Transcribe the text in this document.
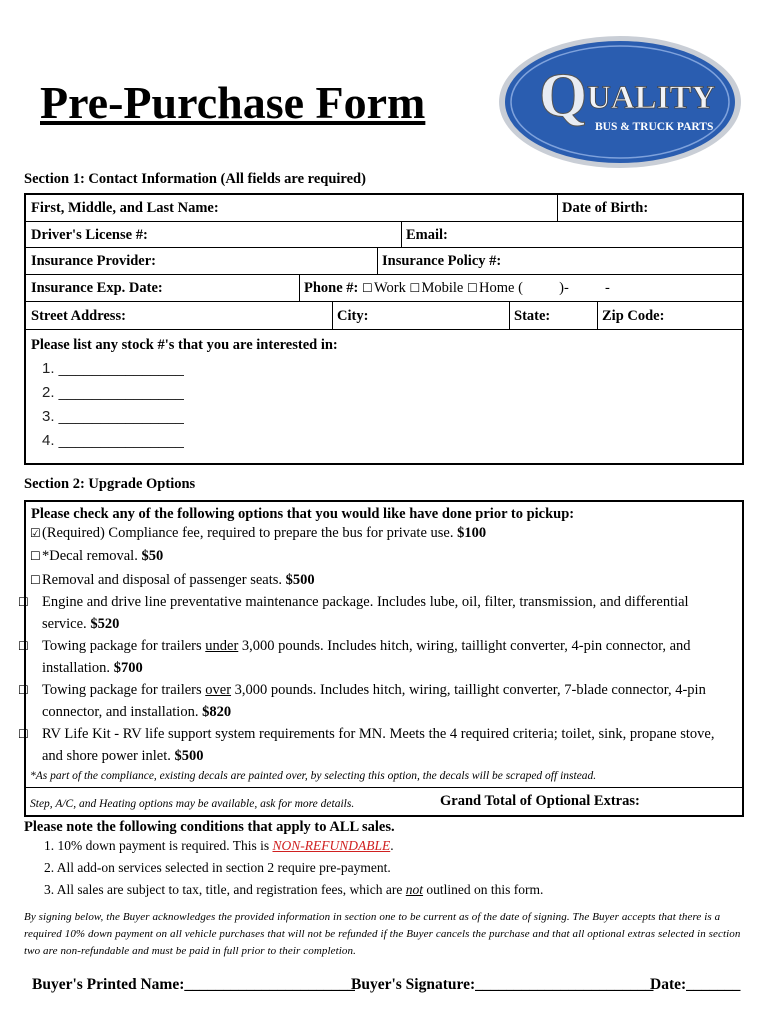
Pre-Purchase Form Q UALITY
BUS & TRUCK PARTS
Section 1: Contact Information (All fields are required)
First, Middle, and Last Name:	Date of Birth:
Driver's License #:	Email:
Insurance Provider:	Insurance Policy #:
Insurance Exp. Date:	Phone #: ☐Work ☐Mobile ☐Home (          )-          -
Street Address:	City:	State:	Zip Code:
Please list any stock #'s that you are interested in:
1. _______________
2. _______________
3. _______________
4. _______________
Section 2: Upgrade Options
Please check any of the following options that you would like have done prior to pickup:
☑(Required) Compliance fee, required to prepare the bus for private use. $100
☐*Decal removal. $50
☐Removal and disposal of passenger seats. $500
☐ Engine and drive line preventative maintenance package. Includes lube, oil, filter, transmission, and differential service. $520
☐ Towing package for trailers under 3,000 pounds. Includes hitch, wiring, taillight converter, 4-pin connector, and installation. $700
☐ Towing package for trailers over 3,000 pounds. Includes hitch, wiring, taillight converter, 7-blade connector, 4-pin connector, and installation. $820
☐ RV Life Kit - RV life support system requirements for MN. Meets the 4 required criteria; toilet, sink, propane stove, and shore power inlet. $500
*As part of the compliance, existing decals are painted over, by selecting this option, the decals will be scraped off instead.
Step, A/C, and Heating options may be available, ask for more details.	Grand Total of Optional Extras:
Please note the following conditions that apply to ALL sales.
1. 10% down payment is required. This is NON-REFUNDABLE.
2. All add-on services selected in section 2 require pre-payment.
3. All sales are subject to tax, title, and registration fees, which are not outlined on this form.
By signing below, the Buyer acknowledges the provided information in section one to be current as of the date of signing. The Buyer accepts that there is a required 10% down payment on all vehicle purchases that will not be refunded if the Buyer cancels the purchase and that all optional extras selected in section two are non-refundable and must be paid in full prior to their completion.
Buyer's Printed Name:______________________
Buyer's Signature:_______________________
Date:_______
